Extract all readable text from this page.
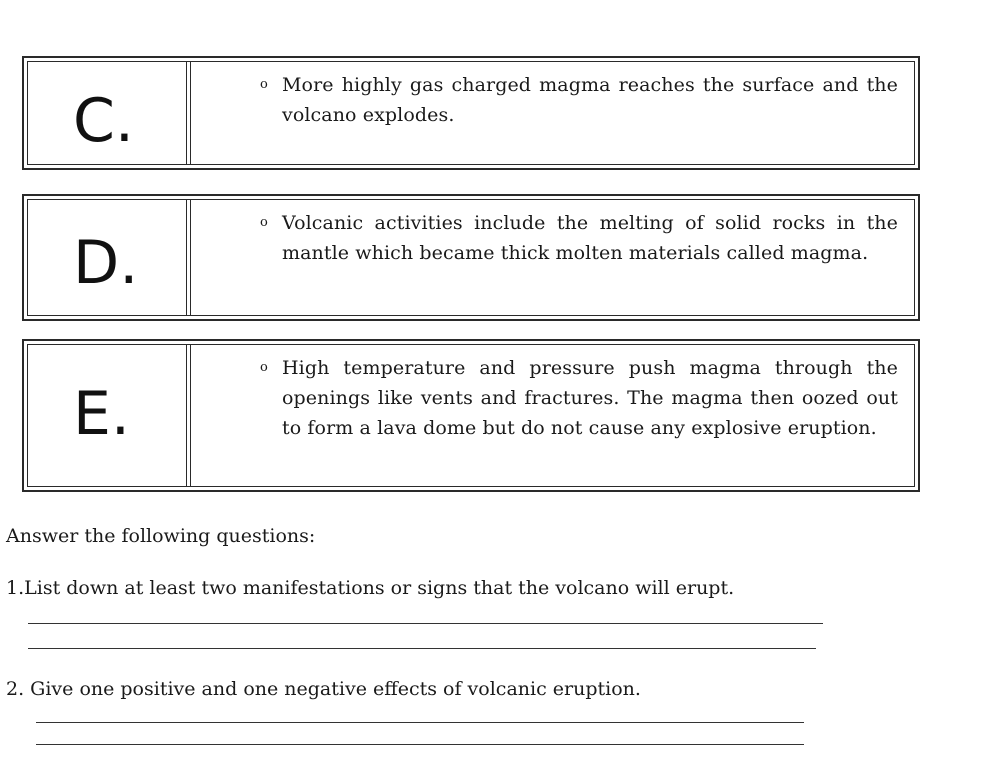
C.
o More highly gas charged magma reaches the surface and the volcano explodes.
D.
o Volcanic activities include the melting of solid rocks in the mantle which became thick molten materials called magma.
E.
o High temperature and pressure push magma through the openings like vents and fractures. The magma then oozed out to form a lava dome but do not cause any explosive eruption.
Answer the following questions:
1.List down at least two manifestations or signs that the volcano will erupt.
2. Give one positive and one negative effects of volcanic eruption.
